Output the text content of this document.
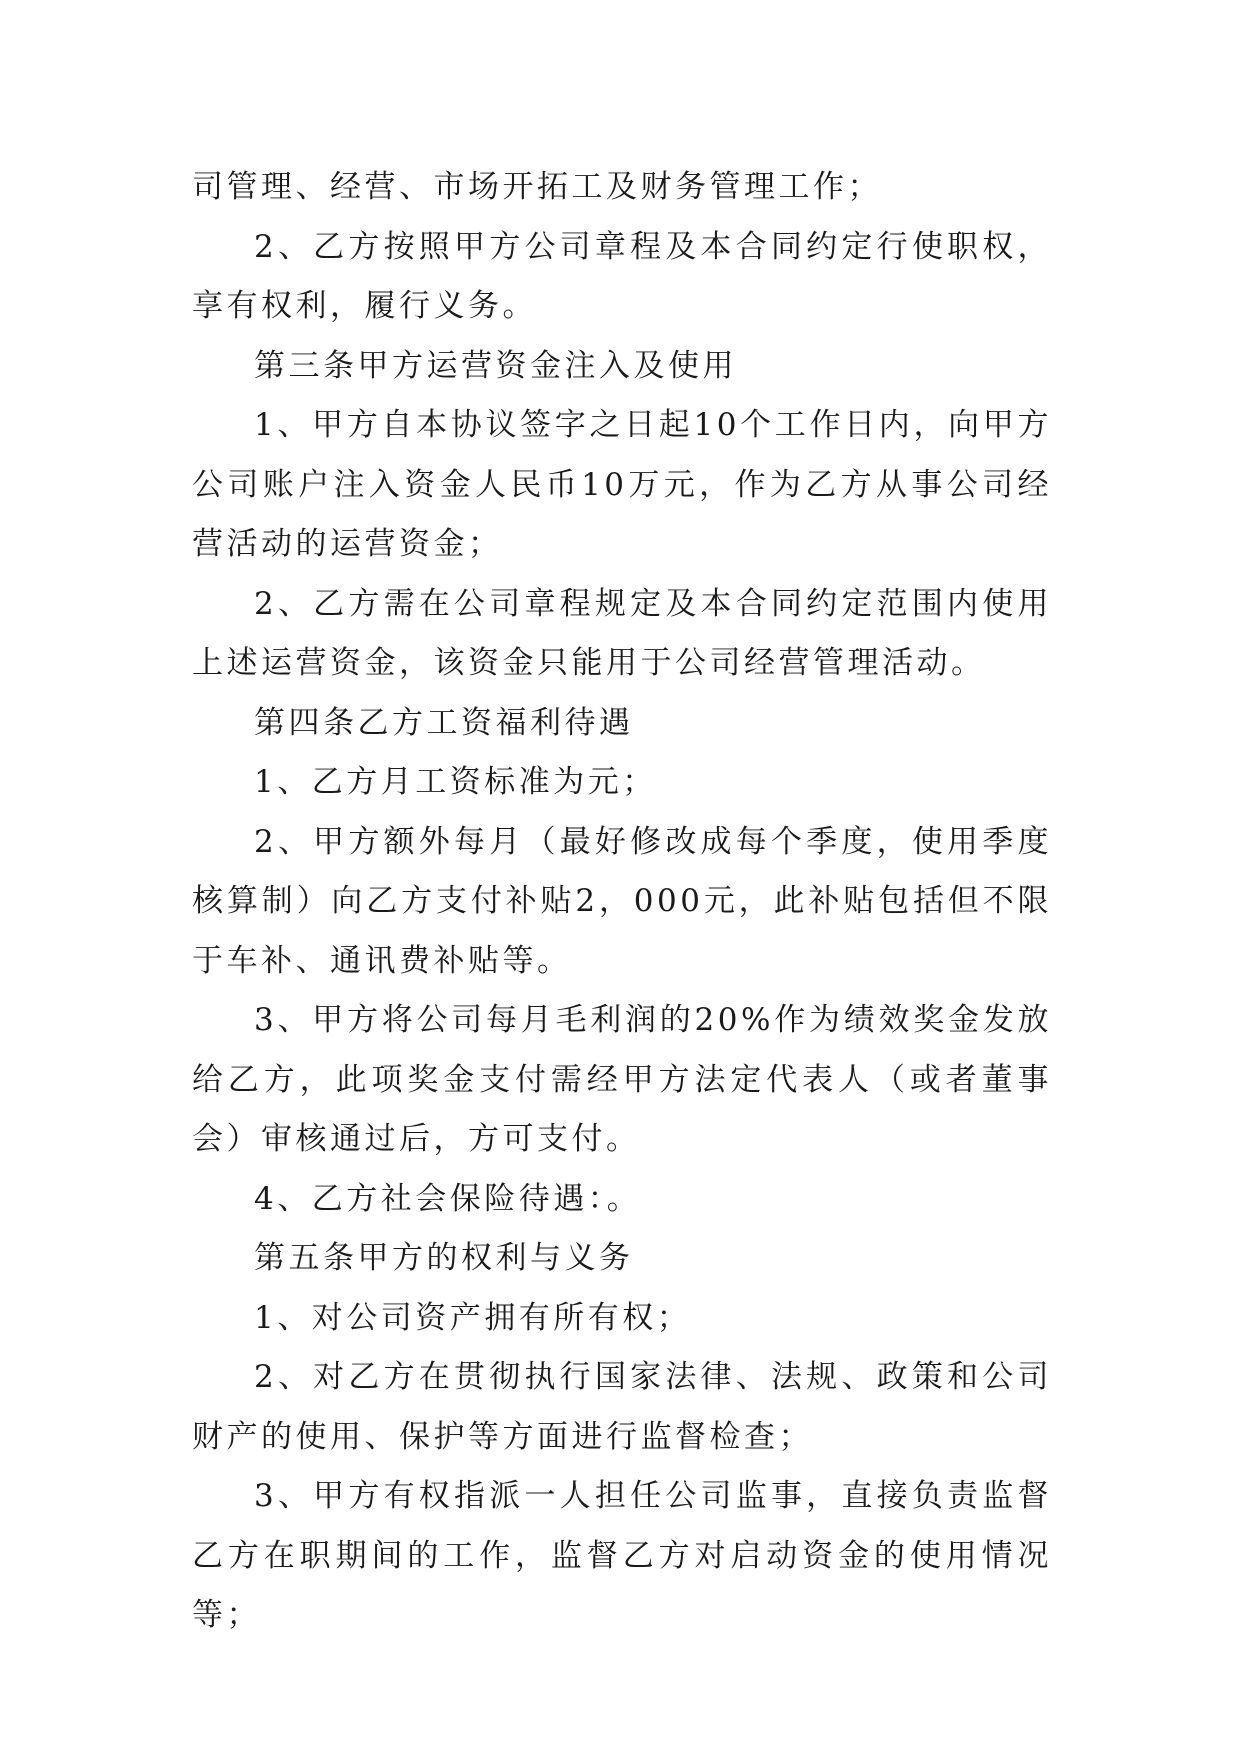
司管理、经营、市场开拓工及财务管理工作；

2、乙方按照甲方公司章程及本合同约定行使职权，享有权利，履行义务。

第三条甲方运营资金注入及使用

1、甲方自本协议签字之日起10个工作日内，向甲方公司账户注入资金人民币10万元，作为乙方从事公司经营活动的运营资金；

2、乙方需在公司章程规定及本合同约定范围内使用上述运营资金，该资金只能用于公司经营管理活动。

第四条乙方工资福利待遇

1、乙方月工资标准为元；

2、甲方额外每月（最好修改成每个季度，使用季度核算制）向乙方支付补贴2，000元，此补贴包括但不限于车补、通讯费补贴等。

3、甲方将公司每月毛利润的20%作为绩效奖金发放给乙方，此项奖金支付需经甲方法定代表人（或者董事会）审核通过后，方可支付。

4、乙方社会保险待遇：。

第五条甲方的权利与义务

1、对公司资产拥有所有权；

2、对乙方在贯彻执行国家法律、法规、政策和公司财产的使用、保护等方面进行监督检查；

3、甲方有权指派一人担任公司监事，直接负责监督乙方在职期间的工作，监督乙方对启动资金的使用情况等；
